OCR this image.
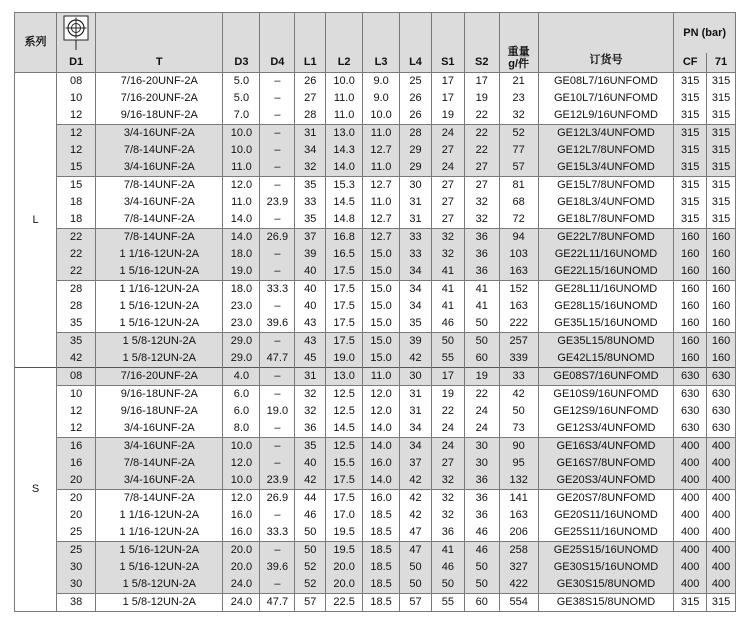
系列											重量
g/件	订货号	PN (bar)	
	D1	T	D3	D4	L1	L2	L3	L4	S1	S2			CF	71
L	08	7/16-20UNF-2A	5.0	–	26	10.0	9.0	25	17	17	21	GE08L7/16UNFOMD	315	315
	10	7/16-20UNF-2A	5.0	–	27	11.0	9.0	26	17	19	23	GE10L7/16UNFOMD	315	315
	12	9/16-18UNF-2A	7.0	–	28	11.0	10.0	26	19	22	32	GE12L9/16UNFOMD	315	315
	12	3/4-16UNF-2A	10.0	–	31	13.0	11.0	28	24	22	52	GE12L3/4UNFOMD	315	315
	12	7/8-14UNF-2A	10.0	–	34	14.3	12.7	29	27	22	77	GE12L7/8UNFOMD	315	315
	15	3/4-16UNF-2A	11.0	–	32	14.0	11.0	29	24	27	57	GE15L3/4UNFOMD	315	315
	15	7/8-14UNF-2A	12.0	–	35	15.3	12.7	30	27	27	81	GE15L7/8UNFOMD	315	315
	18	3/4-16UNF-2A	11.0	23.9	33	14.5	11.0	31	27	32	68	GE18L3/4UNFOMD	315	315
	18	7/8-14UNF-2A	14.0	–	35	14.8	12.7	31	27	32	72	GE18L7/8UNFOMD	315	315
	22	7/8-14UNF-2A	14.0	26.9	37	16.8	12.7	33	32	36	94	GE22L7/8UNFOMD	160	160
	22	1 1/16-12UN-2A	18.0	–	39	16.5	15.0	33	32	36	103	GE22L11/16UNOMD	160	160
	22	1 5/16-12UN-2A	19.0	–	40	17.5	15.0	34	41	36	163	GE22L15/16UNOMD	160	160
	28	1 1/16-12UN-2A	18.0	33.3	40	17.5	15.0	34	41	41	152	GE28L11/16UNOMD	160	160
	28	1 5/16-12UN-2A	23.0	–	40	17.5	15.0	34	41	41	163	GE28L15/16UNOMD	160	160
	35	1 5/16-12UN-2A	23.0	39.6	43	17.5	15.0	35	46	50	222	GE35L15/16UNOMD	160	160
	35	1 5/8-12UN-2A	29.0	–	43	17.5	15.0	39	50	50	257	GE35L15/8UNOMD	160	160
	42	1 5/8-12UN-2A	29.0	47.7	45	19.0	15.0	42	55	60	339	GE42L15/8UNOMD	160	160
S	08	7/16-20UNF-2A	4.0	–	31	13.0	11.0	30	17	19	33	GE08S7/16UNFOMD	630	630
	10	9/16-18UNF-2A	6.0	–	32	12.5	12.0	31	19	22	42	GE10S9/16UNFOMD	630	630
	12	9/16-18UNF-2A	6.0	19.0	32	12.5	12.0	31	22	24	50	GE12S9/16UNFOMD	630	630
	12	3/4-16UNF-2A	8.0	–	36	14.5	14.0	34	24	24	73	GE12S3/4UNFOMD	630	630
	16	3/4-16UNF-2A	10.0	–	35	12.5	14.0	34	24	30	90	GE16S3/4UNFOMD	400	400
	16	7/8-14UNF-2A	12.0	–	40	15.5	16.0	37	27	30	95	GE16S7/8UNFOMD	400	400
	20	3/4-16UNF-2A	10.0	23.9	42	17.5	14.0	42	32	36	132	GE20S3/4UNFOMD	400	400
	20	7/8-14UNF-2A	12.0	26.9	44	17.5	16.0	42	32	36	141	GE20S7/8UNFOMD	400	400
	20	1 1/16-12UN-2A	16.0	–	46	17.0	18.5	42	32	36	163	GE20S11/16UNOMD	400	400
	25	1 1/16-12UN-2A	16.0	33.3	50	19.5	18.5	47	36	46	206	GE25S11/16UNOMD	400	400
	25	1 5/16-12UN-2A	20.0	–	50	19.5	18.5	47	41	46	258	GE25S15/16UNOMD	400	400
	30	1 5/16-12UN-2A	20.0	39.6	52	20.0	18.5	50	46	50	327	GE30S15/16UNOMD	400	400
	30	1 5/8-12UN-2A	24.0	–	52	20.0	18.5	50	50	50	422	GE30S15/8UNOMD	400	400
	38	1 5/8-12UN-2A	24.0	47.7	57	22.5	18.5	57	55	60	554	GE38S15/8UNOMD	315	315
